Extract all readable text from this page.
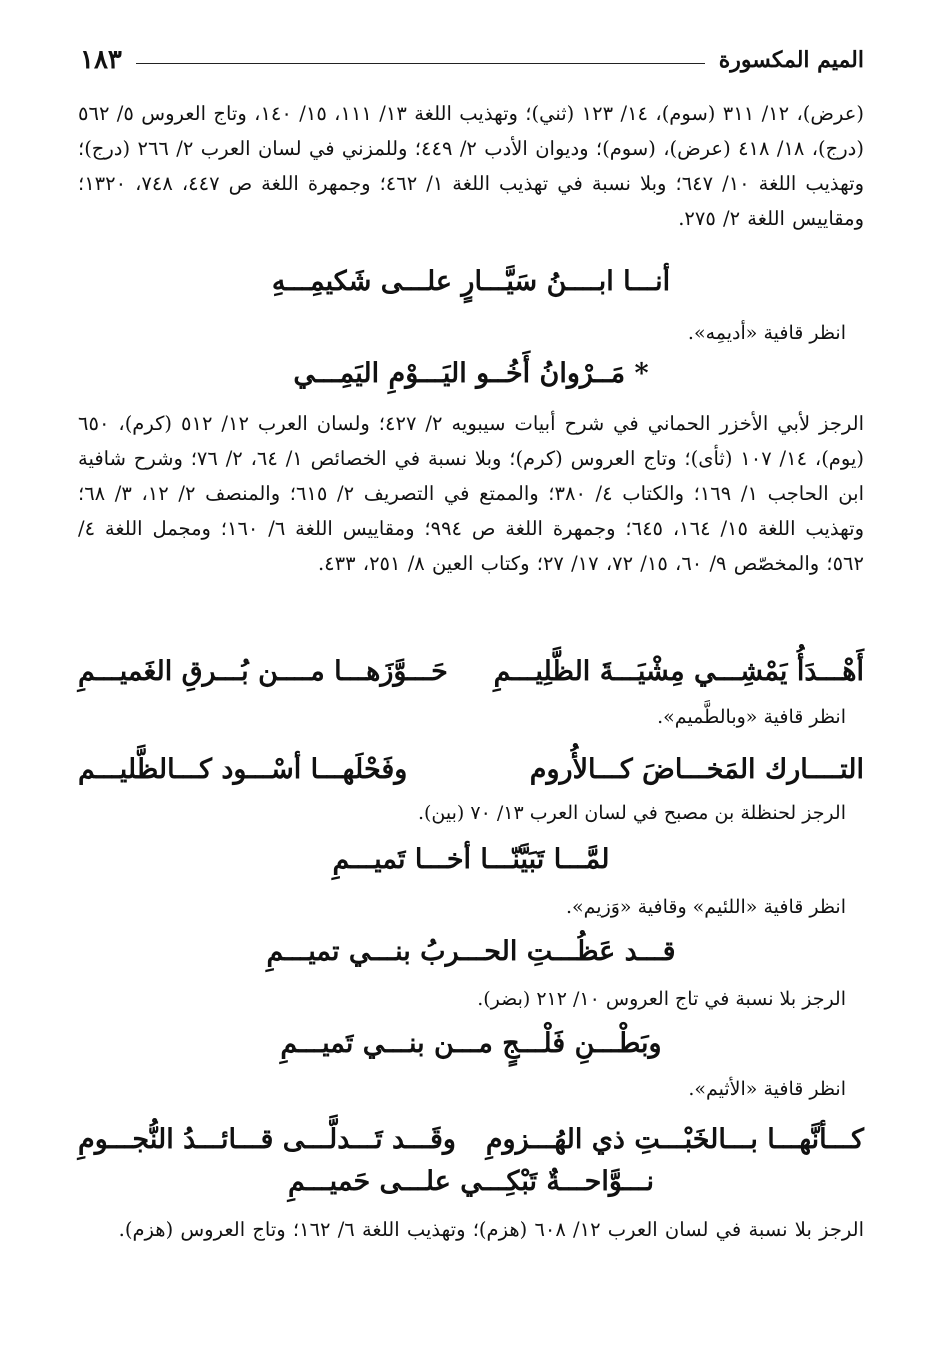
الميم المكسورة
١٨٣
(عرض)، ١٢/ ٣١١ (سوم)، ١٤/ ١٢٣ (ثني)؛ وتهذيب اللغة ١٣/ ١١١، ١٥/ ١٤٠، وتاج العروس ٥/ ٥٦٢ (درج)، ١٨/ ٤١٨ (عرض)، (سوم)؛ وديوان الأدب ٢/ ٤٤٩؛ وللمزني في لسان العرب ٢/ ٢٦٦ (درج)؛ وتهذيب اللغة ١٠/ ٦٤٧؛ وبلا نسبة في تهذيب اللغة ١/ ٤٦٢؛ وجمهرة اللغة ص ٤٤٧، ٧٤٨، ١٣٢٠؛ ومقاييس اللغة ٢/ ٢٧٥.
أنـــا ابــــنُ سَيَّـــارٍ علـــى شَكيمِـــهِ
انظر قافية «أديمِه».
* مَــرْوانُ أَخُــو اليَـــوْمِ اليَمِـــي
الرجز لأبي الأخزر الحماني في شرح أبيات سيبويه ٢/ ٤٢٧؛ ولسان العرب ١٢/ ٥١٢ (كرم)، ٦٥٠ (يوم)، ١٤/ ١٠٧ (ثأى)؛ وتاج العروس (كرم)؛ وبلا نسبة في الخصائص ١/ ٦٤، ٢/ ٧٦؛ وشرح شافية ابن الحاجب ١/ ١٦٩؛ والكتاب ٤/ ٣٨٠؛ والممتع في التصريف ٢/ ٦١٥؛ والمنصف ٢/ ١٢، ٣/ ٦٨؛ وتهذيب اللغة ١٥/ ١٦٤، ٦٤٥؛ وجمهرة اللغة ص ٩٩٤؛ ومقاييس اللغة ٦/ ١٦٠؛ ومجمل اللغة ٤/ ٥٦٢؛ والمخصّص ٩/ ٦٠، ١٥/ ٧٢، ١٧/ ٢٧؛ وكتاب العين ٨/ ٢٥١، ٤٣٣.
أَهْـــدَأُ يَمْشِـــي مِشْيَـــةَ الظَّلِيـــمِ
حَـــوَّزَهـــا مــــن بُـــرقِ الغَميـــمِ
انظر قافية «وبالطَّميم».
التــــارك المَخـــاضَ كـــالأُروم
وفَحْلَهـــا أسْـــود كـــالظَّليـــم
الرجز لحنظلة بن مصبح في لسان العرب ١٣/ ٧٠ (بين).
لمَّـــا تَبَيَّنّـــا أخـــا تَميـــمِ
انظر قافية «اللئيم» وقافية «وَزيم».
قـــد عَظُـــتِ الحـــربُ بنـــي تميـــمِ
الرجز بلا نسبة في تاج العروس ١٠/ ٢١٢ (بضر).
وبَطْـــنِ فَلْـــجٍ مـــن بنـــي تَميـــمِ
انظر قافية «الأثيم».
كـــأنَّهـــا بـــالخَبْـــتِ ذي الهُـــزومِ
وقَـــد تَـــدلَّـــى قـــائـــدُ النُّجـــومِ
نـــوَّاحـــةٌ تَبْكِـــي علـــى حَميـــمِ
الرجز بلا نسبة في لسان العرب ١٢/ ٦٠٨ (هزم)؛ وتهذيب اللغة ٦/ ١٦٢؛ وتاج العروس (هزم).
